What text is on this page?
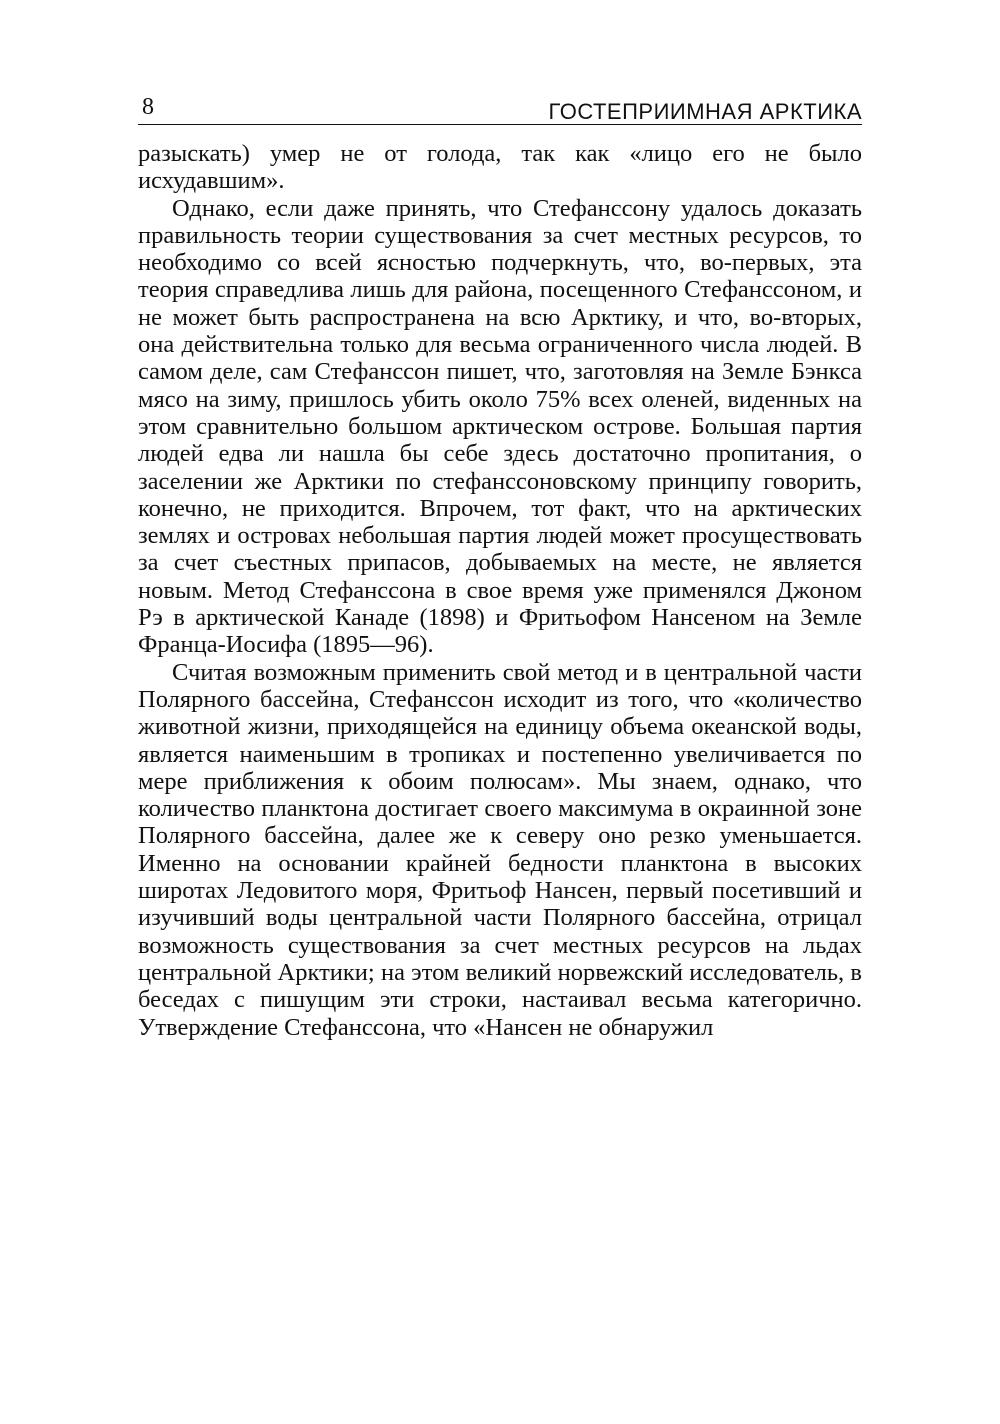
8	ГОСТЕПРИИМНАЯ АРКТИКА

разыскать) умер не от голода, так как «лицо его не было исхудавшим».

Однако, если даже принять, что Стефанссону удалось доказать правильность теории существования за счет местных ресурсов, то необходимо со всей ясностью подчеркнуть, что, во-первых, эта теория справедлива лишь для района, посещенного Стефанссоном, и не может быть распространена на всю Арктику, и что, во-вторых, она действительна только для весьма ограниченного числа людей. В самом деле, сам Стефанссон пишет, что, заготовляя на Земле Бэнкса мясо на зиму, пришлось убить около 75% всех оленей, виденных на этом сравнительно большом арктическом острове. Большая партия людей едва ли нашла бы себе здесь достаточно пропитания, о заселении же Арктики по стефанссоновскому принципу говорить, конечно, не приходится. Впрочем, тот факт, что на арктических землях и островах небольшая партия людей может просуществовать за счет съестных припасов, добываемых на месте, не является новым. Метод Стефанссона в свое время уже применялся Джоном Рэ в арктической Канаде (1898) и Фритьофом Нансеном на Земле Франца-Иосифа (1895—96).

Считая возможным применить свой метод и в центральной части Полярного бассейна, Стефанссон исходит из того, что «количество животной жизни, приходящейся на единицу объема океанской воды, является наименьшим в тропиках и постепенно увеличивается по мере приближения к обоим полюсам». Мы знаем, однако, что количество планктона достигает своего максимума в окраинной зоне Полярного бассейна, далее же к северу оно резко уменьшается. Именно на основании крайней бедности планктона в высоких широтах Ледовитого моря, Фритьоф Нансен, первый посетивший и изучивший воды центральной части Полярного бассейна, отрицал возможность существования за счет местных ресурсов на льдах центральной Арктики; на этом великий норвежский исследователь, в беседах с пишущим эти строки, настаивал весьма категорично. Утверждение Стефанссона, что «Нансен не обнаружил
